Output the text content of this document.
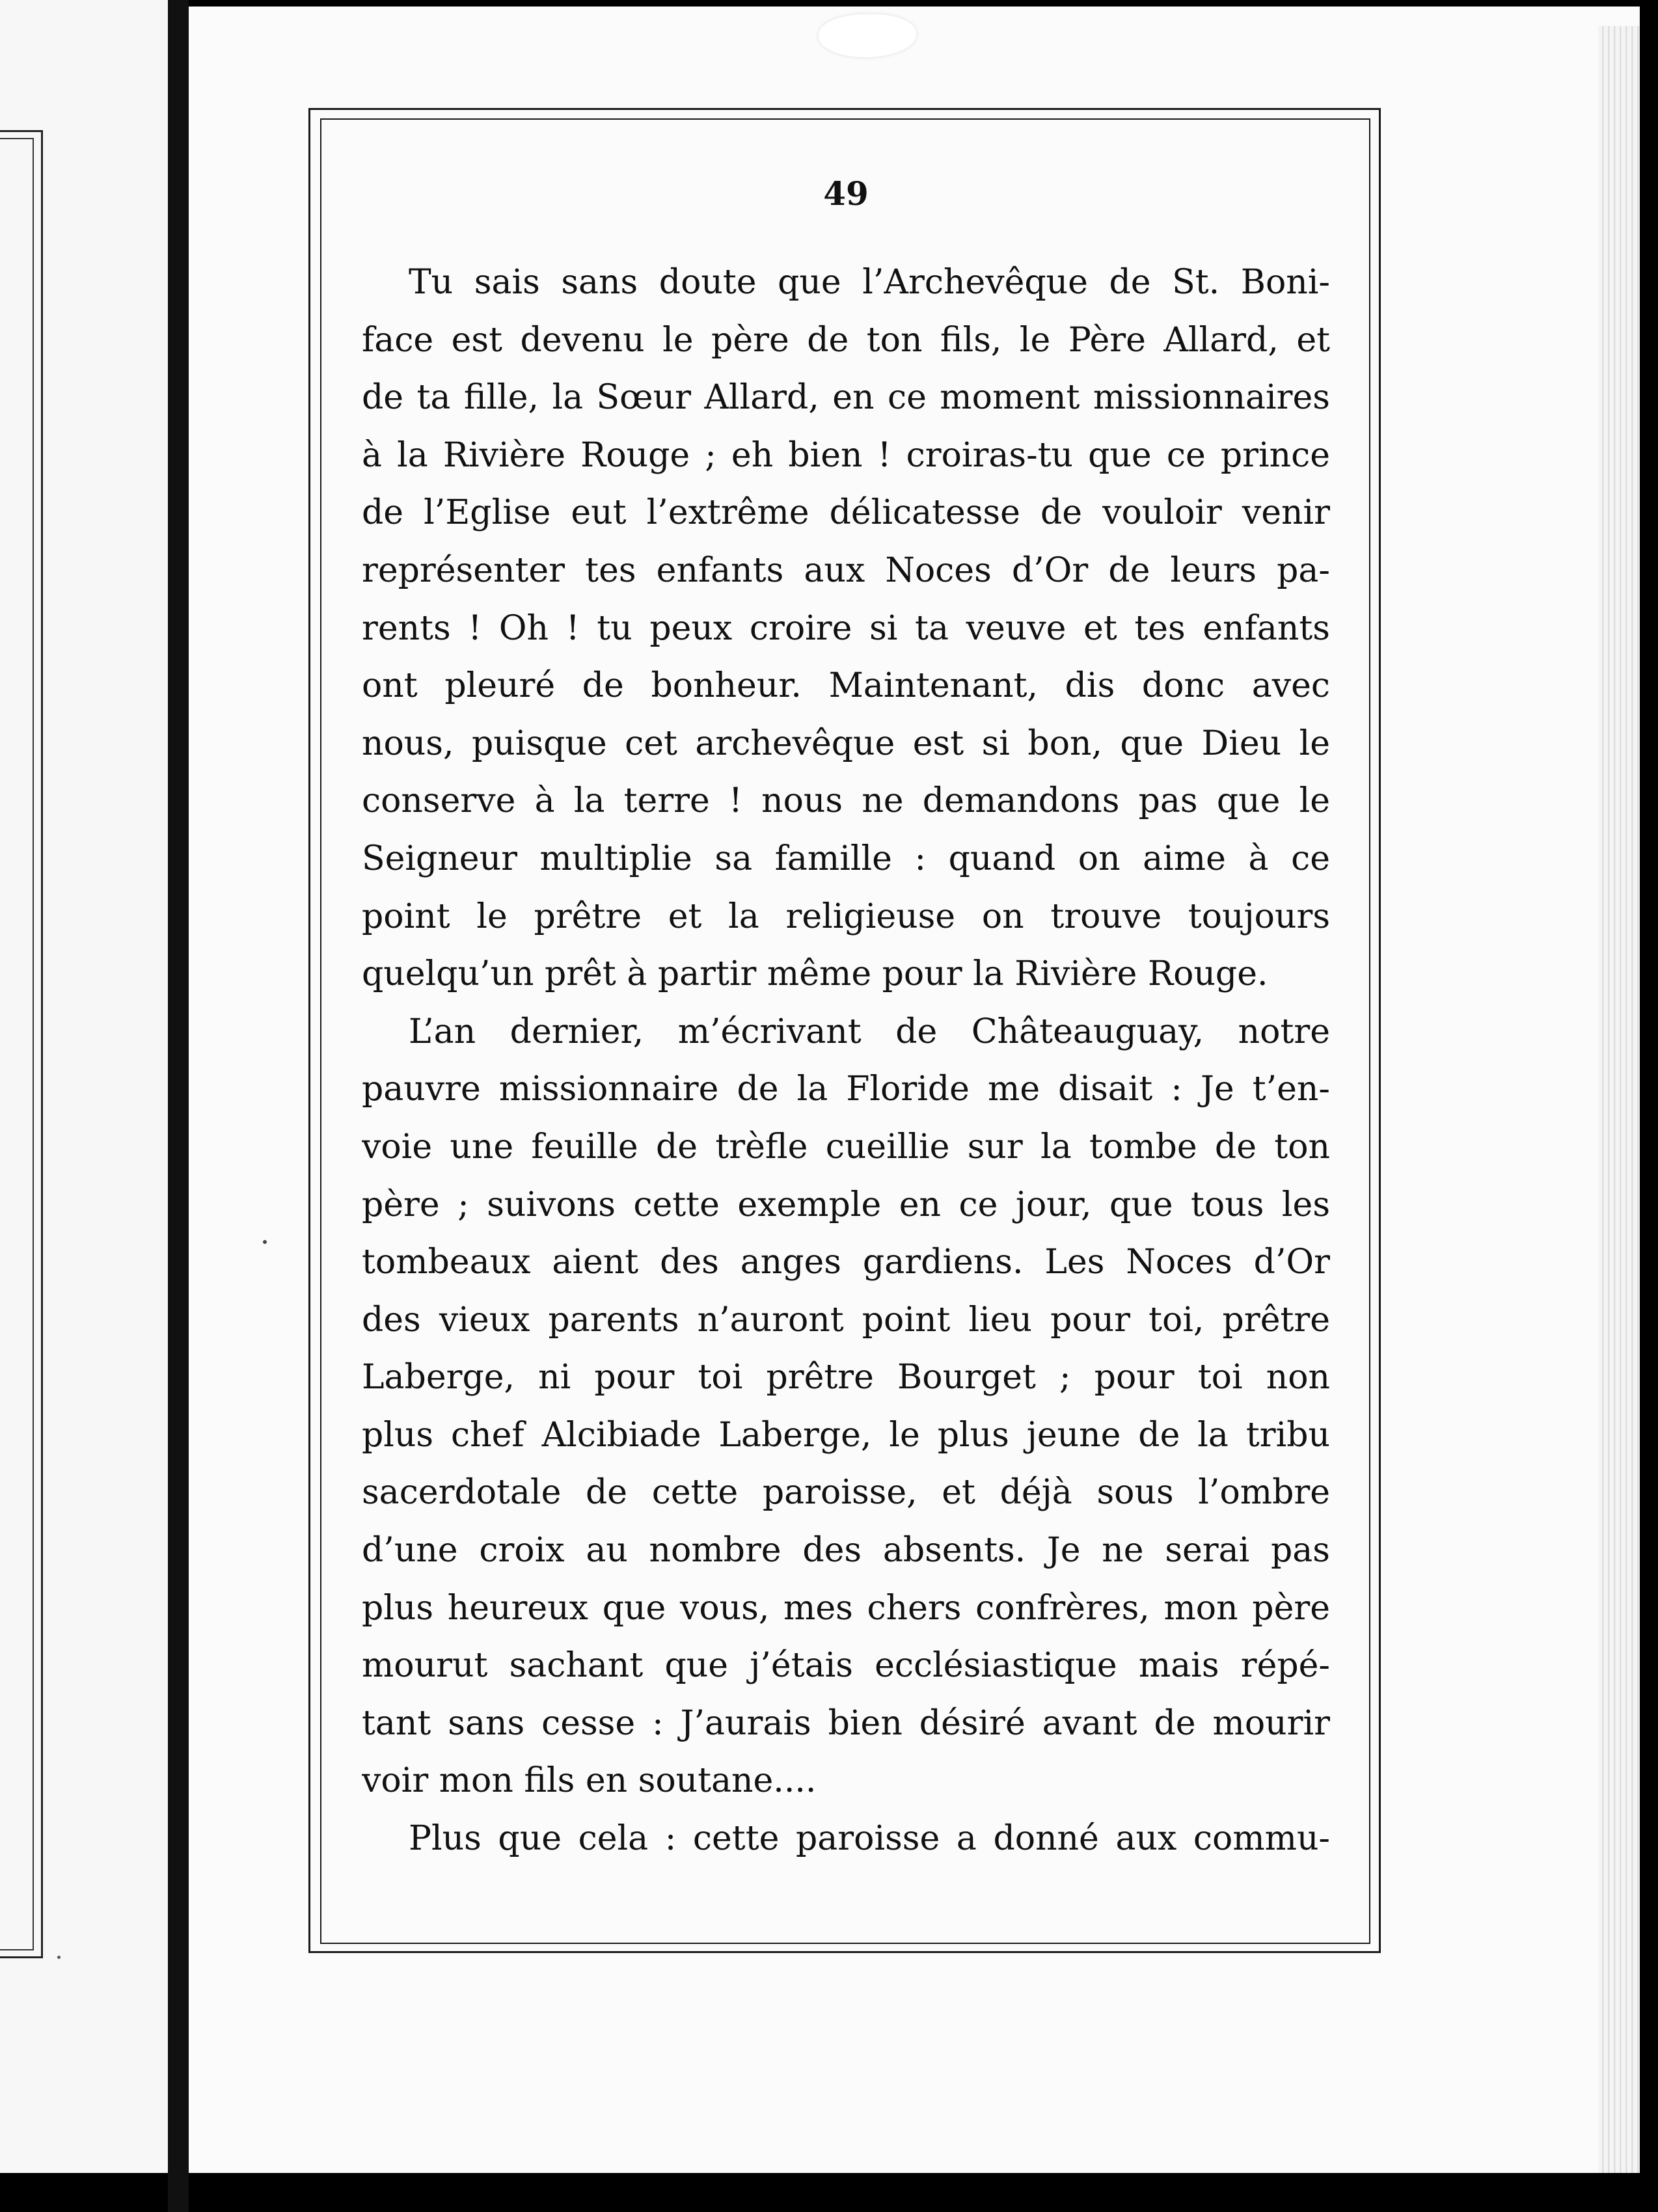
49
Tu sais sans doute que l’Archevêque de St. Boni-
face est devenu le père de ton fils, le Père Allard, et
de ta fille, la Sœur Allard, en ce moment missionnaires
à la Rivière Rouge ; eh bien ! croiras-tu que ce prince
de l’Eglise eut l’extrême délicatesse de vouloir venir
représenter tes enfants aux Noces d’Or de leurs pa-
rents ! Oh ! tu peux croire si ta veuve et tes enfants
ont pleuré de bonheur. Maintenant, dis donc avec
nous, puisque cet archevêque est si bon, que Dieu le
conserve à la terre ! nous ne demandons pas que le
Seigneur multiplie sa famille : quand on aime à ce
point le prêtre et la religieuse on trouve toujours
quelqu’un prêt à partir même pour la Rivière Rouge.
L’an dernier, m’écrivant de Châteauguay, notre
pauvre missionnaire de la Floride me disait : Je t’en-
voie une feuille de trèfle cueillie sur la tombe de ton
père ; suivons cette exemple en ce jour, que tous les
tombeaux aient des anges gardiens. Les Noces d’Or
des vieux parents n’auront point lieu pour toi, prêtre
Laberge, ni pour toi prêtre Bourget ; pour toi non
plus chef Alcibiade Laberge, le plus jeune de la tribu
sacerdotale de cette paroisse, et déjà sous l’ombre
d’une croix au nombre des absents. Je ne serai pas
plus heureux que vous, mes chers confrères, mon père
mourut sachant que j’étais ecclésiastique mais répé-
tant sans cesse : J’aurais bien désiré avant de mourir
voir mon fils en soutane....
Plus que cela : cette paroisse a donné aux commu-
